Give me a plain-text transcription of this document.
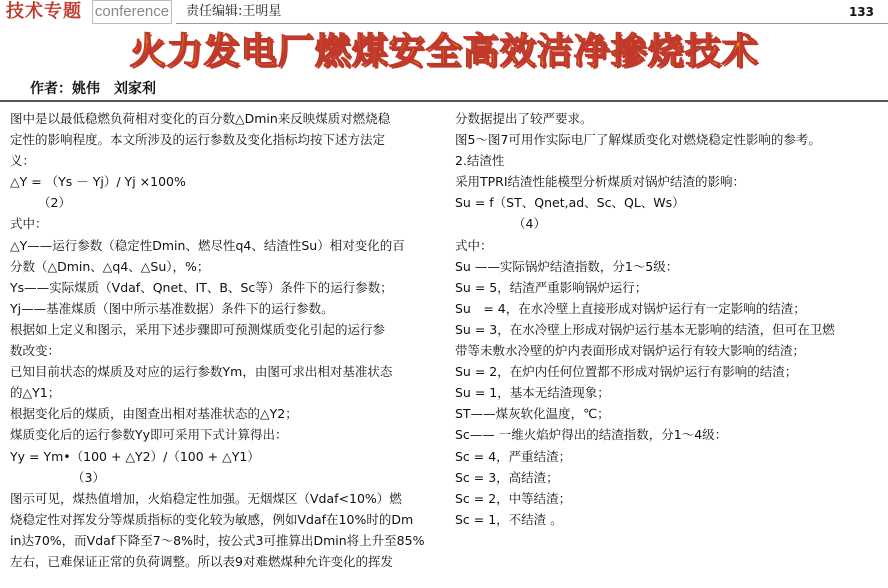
技术专题 conference 责任编辑:王明星	133
火力发电厂燃煤安全高效洁净掺烧技术
作者：姚伟　刘家利

图中是以最低稳燃负荷相对变化的百分数△Dmin来反映煤质对燃烧稳

定性的影响程度。本文所涉及的运行参数及变化指标均按下述方法定

义：

△Y = （Ys － Yj）/ Yj ×100%

（2）

式中：

△Y——运行参数（稳定性Dmin、燃尽性q4、结渣性Su）相对变化的百

分数（△Dmin、△q4、△Su），%；

Ys——实际煤质（Vdaf、Qnet、IT、B、Sc等）条件下的运行参数；

Yj——基准煤质（图中所示基准数据）条件下的运行参数。

根据如上定义和图示，采用下述步骤即可预测煤质变化引起的运行参

数改变：

已知目前状态的煤质及对应的运行参数Ym，由图可求出相对基准状态

的△Y1；

根据变化后的煤质，由图查出相对基准状态的△Y2；

煤质变化后的运行参数Yy即可采用下式计算得出：

Yy = Ym•（100 + △Y2）/（100 + △Y1）

（3）

图示可见，煤热值增加，火焰稳定性加强。无烟煤区（Vdaf<10%）燃

烧稳定性对挥发分等煤质指标的变化较为敏感，例如Vdaf在10%时的Dm

in达70%，而Vdaf下降至7～8%时，按公式3可推算出Dmin将上升至85%

左右，已难保证正常的负荷调整。所以表9对难燃煤种允许变化的挥发

分数据提出了较严要求。

图5～图7可用作实际电厂了解煤质变化对燃烧稳定性影响的参考。

2.结渣性

采用TPRI结渣性能模型分析煤质对锅炉结渣的影响：

Su = f（ST、Qnet,ad、Sc、QL、Ws）

（4）

式中：

Su ——实际锅炉结渣指数，分1～5级：

Su = 5，结渣严重影响锅炉运行；

Su　= 4，在水冷壁上直接形成对锅炉运行有一定影响的结渣；

Su = 3，在水冷壁上形成对锅炉运行基本无影响的结渣，但可在卫燃

带等未敷水冷壁的炉内表面形成对锅炉运行有较大影响的结渣；

Su = 2，在炉内任何位置都不形成对锅炉运行有影响的结渣；

Su = 1，基本无结渣现象；

ST——煤灰软化温度，℃；

Sc—— 一维火焰炉得出的结渣指数，分1～4级：

Sc = 4，严重结渣；

Sc = 3，高结渣；

Sc = 2，中等结渣；

Sc = 1，不结渣 。
